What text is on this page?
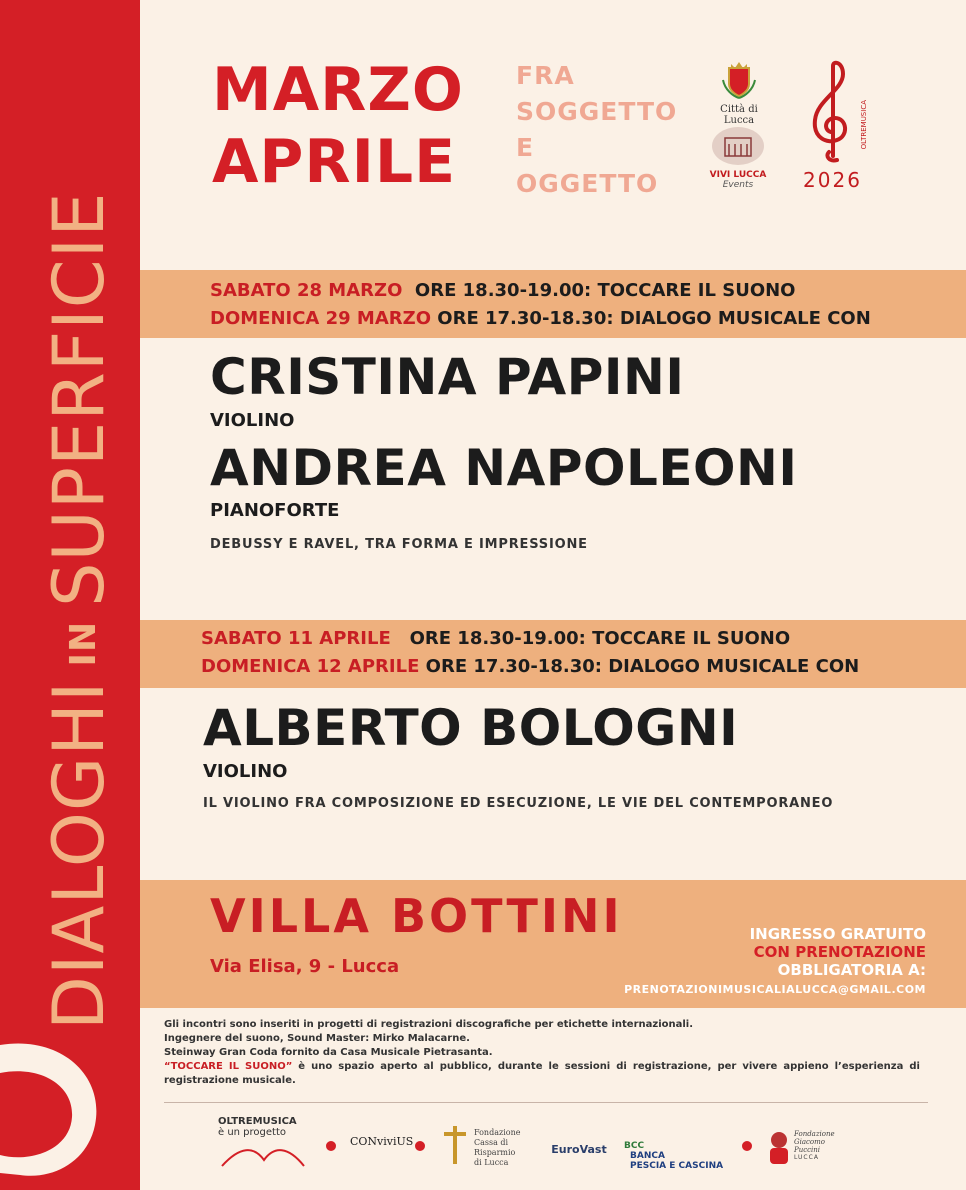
DIALOGHIINSUPERFICIE
MARZO
APRILE
FRA
SOGGETTO
E
OGGETTO
Città di Lucca
VIVI LUCCA
Events
OLTREMUSICA
2026
SABATO 28 MARZO ORE 18.30-19.00: TOCCARE IL SUONO
DOMENICA 29 MARZO ORE 17.30-18.30: DIALOGO MUSICALE CON
CRISTINA PAPINI
VIOLINO
ANDREA NAPOLEONI
PIANOFORTE
DEBUSSY E RAVEL, TRA FORMA E IMPRESSIONE
SABATO 11 APRILE ORE 18.30-19.00: TOCCARE IL SUONO
DOMENICA 12 APRILE ORE 17.30-18.30: DIALOGO MUSICALE CON
ALBERTO BOLOGNI
VIOLINO
IL VIOLINO FRA COMPOSIZIONE ED ESECUZIONE, LE VIE DEL CONTEMPORANEO
VILLA BOTTINI
Via Elisa, 9 - Lucca
INGRESSO GRATUITO
CON PRENOTAZIONE
OBBLIGATORIA A:
PRENOTAZIONIMUSICALIALUCCA@GMAIL.COM
Gli incontri sono inseriti in progetti di registrazioni discografiche per etichette internazionali.
Ingegnere del suono, Sound Master: Mirko Malacarne.
Steinway Gran Coda fornito da Casa Musicale Pietrasanta.
“TOCCARE IL SUONO” è uno spazio aperto al pubblico, durante le sessioni di registrazione, per vivere appieno l’esperienza di registrazione musicale.
OLTREMUSICA
è un progetto
CONviviUS
Fondazione
Cassa di Risparmio
di Lucca
EuroVast	BCC
BANCA
PESCIA E CASCINA
Fondazione
Giacomo
Puccini
LUCCA
